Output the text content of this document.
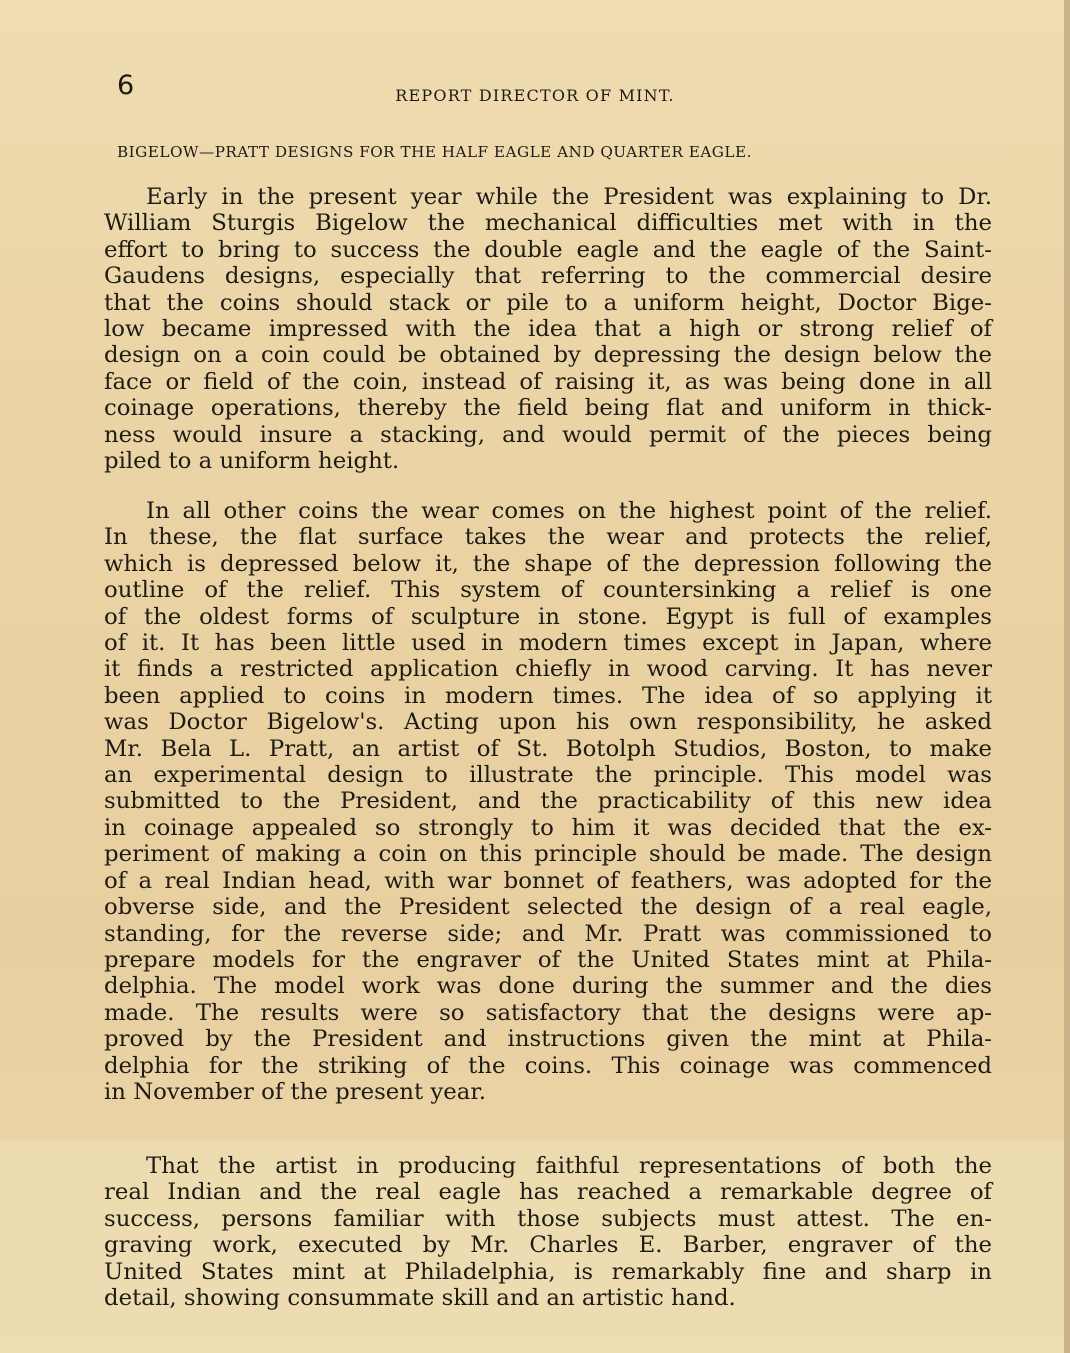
6	REPORT DIRECTOR OF MINT.
BIGELOW—PRATT DESIGNS FOR THE HALF EAGLE AND QUARTER EAGLE.
Early in the present year while the President was explaining to Dr.
William Sturgis Bigelow the mechanical difficulties met with in the
effort to bring to success the double eagle and the eagle of the Saint-
Gaudens designs, especially that referring to the commercial desire
that the coins should stack or pile to a uniform height, Doctor Bige-
low became impressed with the idea that a high or strong relief of
design on a coin could be obtained by depressing the design below the
face or field of the coin, instead of raising it, as was being done in all
coinage operations, thereby the field being flat and uniform in thick-
ness would insure a stacking, and would permit of the pieces being
piled to a uniform height.
In all other coins the wear comes on the highest point of the relief.
In these, the flat surface takes the wear and protects the relief,
which is depressed below it, the shape of the depression following the
outline of the relief. This system of countersinking a relief is one
of the oldest forms of sculpture in stone. Egypt is full of examples
of it. It has been little used in modern times except in Japan, where
it finds a restricted application chiefly in wood carving. It has never
been applied to coins in modern times. The idea of so applying it
was Doctor Bigelow's. Acting upon his own responsibility, he asked
Mr. Bela L. Pratt, an artist of St. Botolph Studios, Boston, to make
an experimental design to illustrate the principle. This model was
submitted to the President, and the practicability of this new idea
in coinage appealed so strongly to him it was decided that the ex-
periment of making a coin on this principle should be made. The design
of a real Indian head, with war bonnet of feathers, was adopted for the
obverse side, and the President selected the design of a real eagle,
standing, for the reverse side; and Mr. Pratt was commissioned to
prepare models for the engraver of the United States mint at Phila-
delphia. The model work was done during the summer and the dies
made. The results were so satisfactory that the designs were ap-
proved by the President and instructions given the mint at Phila-
delphia for the striking of the coins. This coinage was commenced
in November of the present year.
That the artist in producing faithful representations of both the
real Indian and the real eagle has reached a remarkable degree of
success, persons familiar with those subjects must attest. The en-
graving work, executed by Mr. Charles E. Barber, engraver of the
United States mint at Philadelphia, is remarkably fine and sharp in
detail, showing consummate skill and an artistic hand.
